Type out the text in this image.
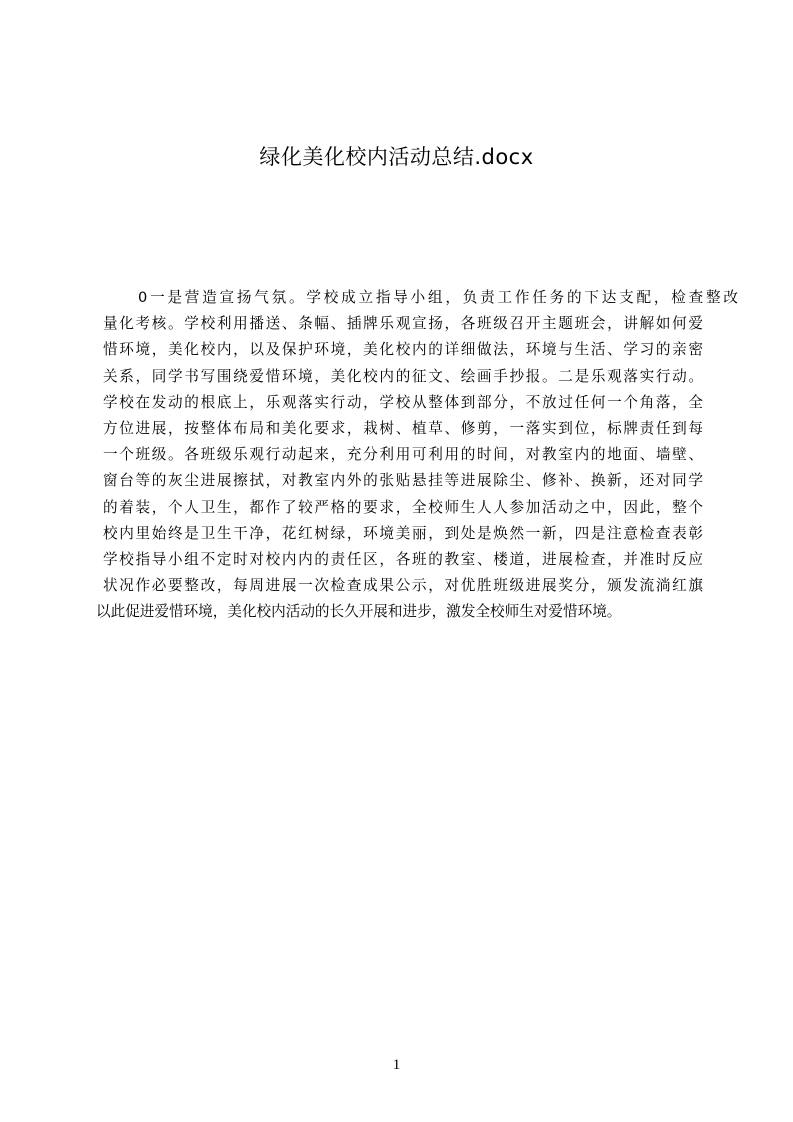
绿化美化校内活动总结.docx
0一是营造宣扬气氛。学校成立指导小组，负责工作任务的下达支配，检查整改
量化考核。学校利用播送、条幅、插牌乐观宣扬，各班级召开主题班会，讲解如何爱
惜环境，美化校内，以及保护环境，美化校内的详细做法，环境与生活、学习的亲密
关系，同学书写围绕爱惜环境，美化校内的征文、绘画手抄报。二是乐观落实行动。
学校在发动的根底上，乐观落实行动，学校从整体到部分，不放过任何一个角落，全
方位进展，按整体布局和美化要求，栽树、植草、修剪，一落实到位，标牌责任到每
一个班级。各班级乐观行动起来，充分利用可利用的时间，对教室内的地面、墙壁、
窗台等的灰尘进展擦拭，对教室内外的张贴悬挂等进展除尘、修补、换新，还对同学
的着装，个人卫生，都作了较严格的要求，全校师生人人参加活动之中，因此，整个
校内里始终是卫生干净，花红树绿，环境美丽，到处是焕然一新，四是注意检查表彰
学校指导小组不定时对校内内的责任区，各班的教室、楼道，进展检查，并准时反应
状况作必要整改，每周进展一次检查成果公示，对优胜班级进展奖分，颁发流淌红旗
以此促进爱惜环境，美化校内活动的长久开展和进步，激发全校师生对爱惜环境。
1
